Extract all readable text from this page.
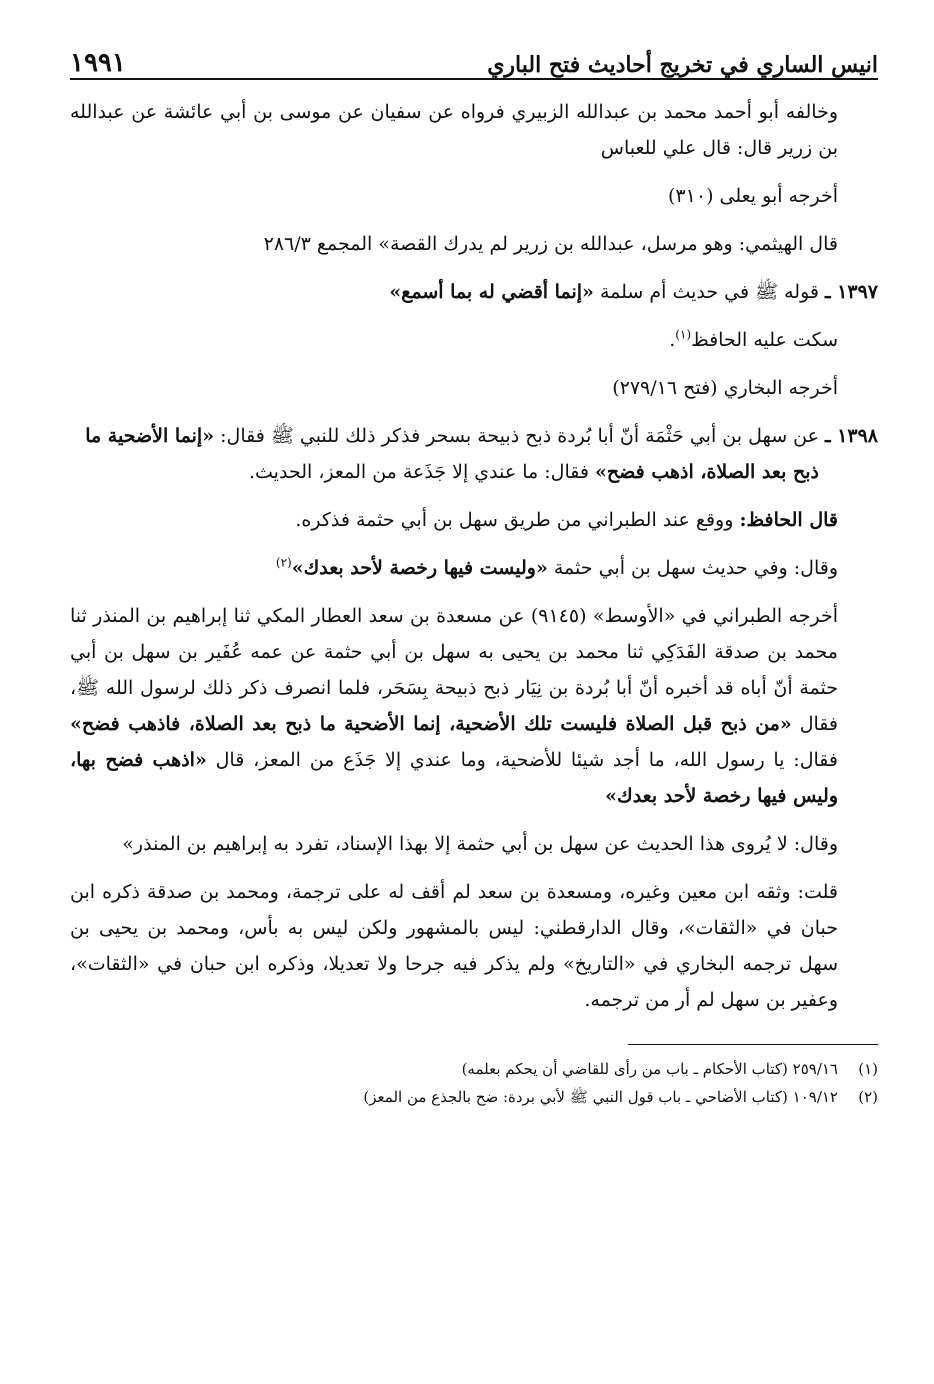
انيس الساري في تخريج أحاديث فتح الباري
١٩٩١

وخالفه أبو أحمد محمد بن عبدالله الزبيري فرواه عن سفيان عن موسى بن أبي عائشة عن عبدالله بن زرير قال: قال علي للعباس

أخرجه أبو يعلى (٣١٠)

قال الهيثمي: وهو مرسل، عبدالله بن زرير لم يدرك القصة» المجمع ٢٨٦/٣

١٣٩٧ ـ
قوله ﷺ في حديث أم سلمة «إنما أقضي له بما أسمع»

سكت عليه الحافظ$^{(١)}$.

أخرجه البخاري (فتح ٢٧٩/١٦)

١٣٩٨ ـ
عن سهل بن أبي حَثْمَة أنّ أبا بُردة ذبح ذبيحة بسحر فذكر ذلك للنبي ﷺ فقال: «إنما الأضحية ما ذبح بعد الصلاة، اذهب فضح» فقال: ما عندي إلا جَذَعة من المعز، الحديث.

قال الحافظ: ووقع عند الطبراني من طريق سهل بن أبي حثمة فذكره.

وقال: وفي حديث سهل بن أبي حثمة «وليست فيها رخصة لأحد بعدك»$^{(٢)}$

أخرجه الطبراني في «الأوسط» (٩١٤٥) عن مسعدة بن سعد العطار المكي ثنا إبراهيم بن المنذر ثنا محمد بن صدقة الفَدَكِي ثنا محمد بن يحيى به سهل بن أبي حثمة عن عمه عُفَير بن سهل بن أبي حثمة أنّ أباه قد أخبره أنّ أبا بُردة بن نِيَار ذبح ذبيحة بِسَحَر، فلما انصرف ذكر ذلك لرسول الله ﷺ، فقال «من ذبح قبل الصلاة فليست تلك الأضحية، إنما الأضحية ما ذبح بعد الصلاة، فاذهب فضح» فقال: يا رسول الله، ما أجد شيئا للأضحية، وما عندي إلا جَذَع من المعز، قال «اذهب فضح بها، وليس فيها رخصة لأحد بعدك»

وقال: لا يُروى هذا الحديث عن سهل بن أبي حثمة إلا بهذا الإسناد، تفرد به إبراهيم بن المنذر»

قلت: وثقه ابن معين وغيره، ومسعدة بن سعد لم أقف له على ترجمة، ومحمد بن صدقة ذكره ابن حبان في «الثقات»، وقال الدارقطني: ليس بالمشهور ولكن ليس به بأس، ومحمد بن يحيى بن سهل ترجمه البخاري في «التاريخ» ولم يذكر فيه جرحا ولا تعديلا، وذكره ابن حبان في «الثقات»، وعفير بن سهل لم أر من ترجمه.

(١)
٢٥٩/١٦ (كتاب الأحكام ـ باب من رأى للقاضي أن يحكم بعلمه)
(٢)
١٠٩/١٢ (كتاب الأضاحي ـ باب قول النبي ﷺ لأبي بردة: ضح بالجذع من المعز)
